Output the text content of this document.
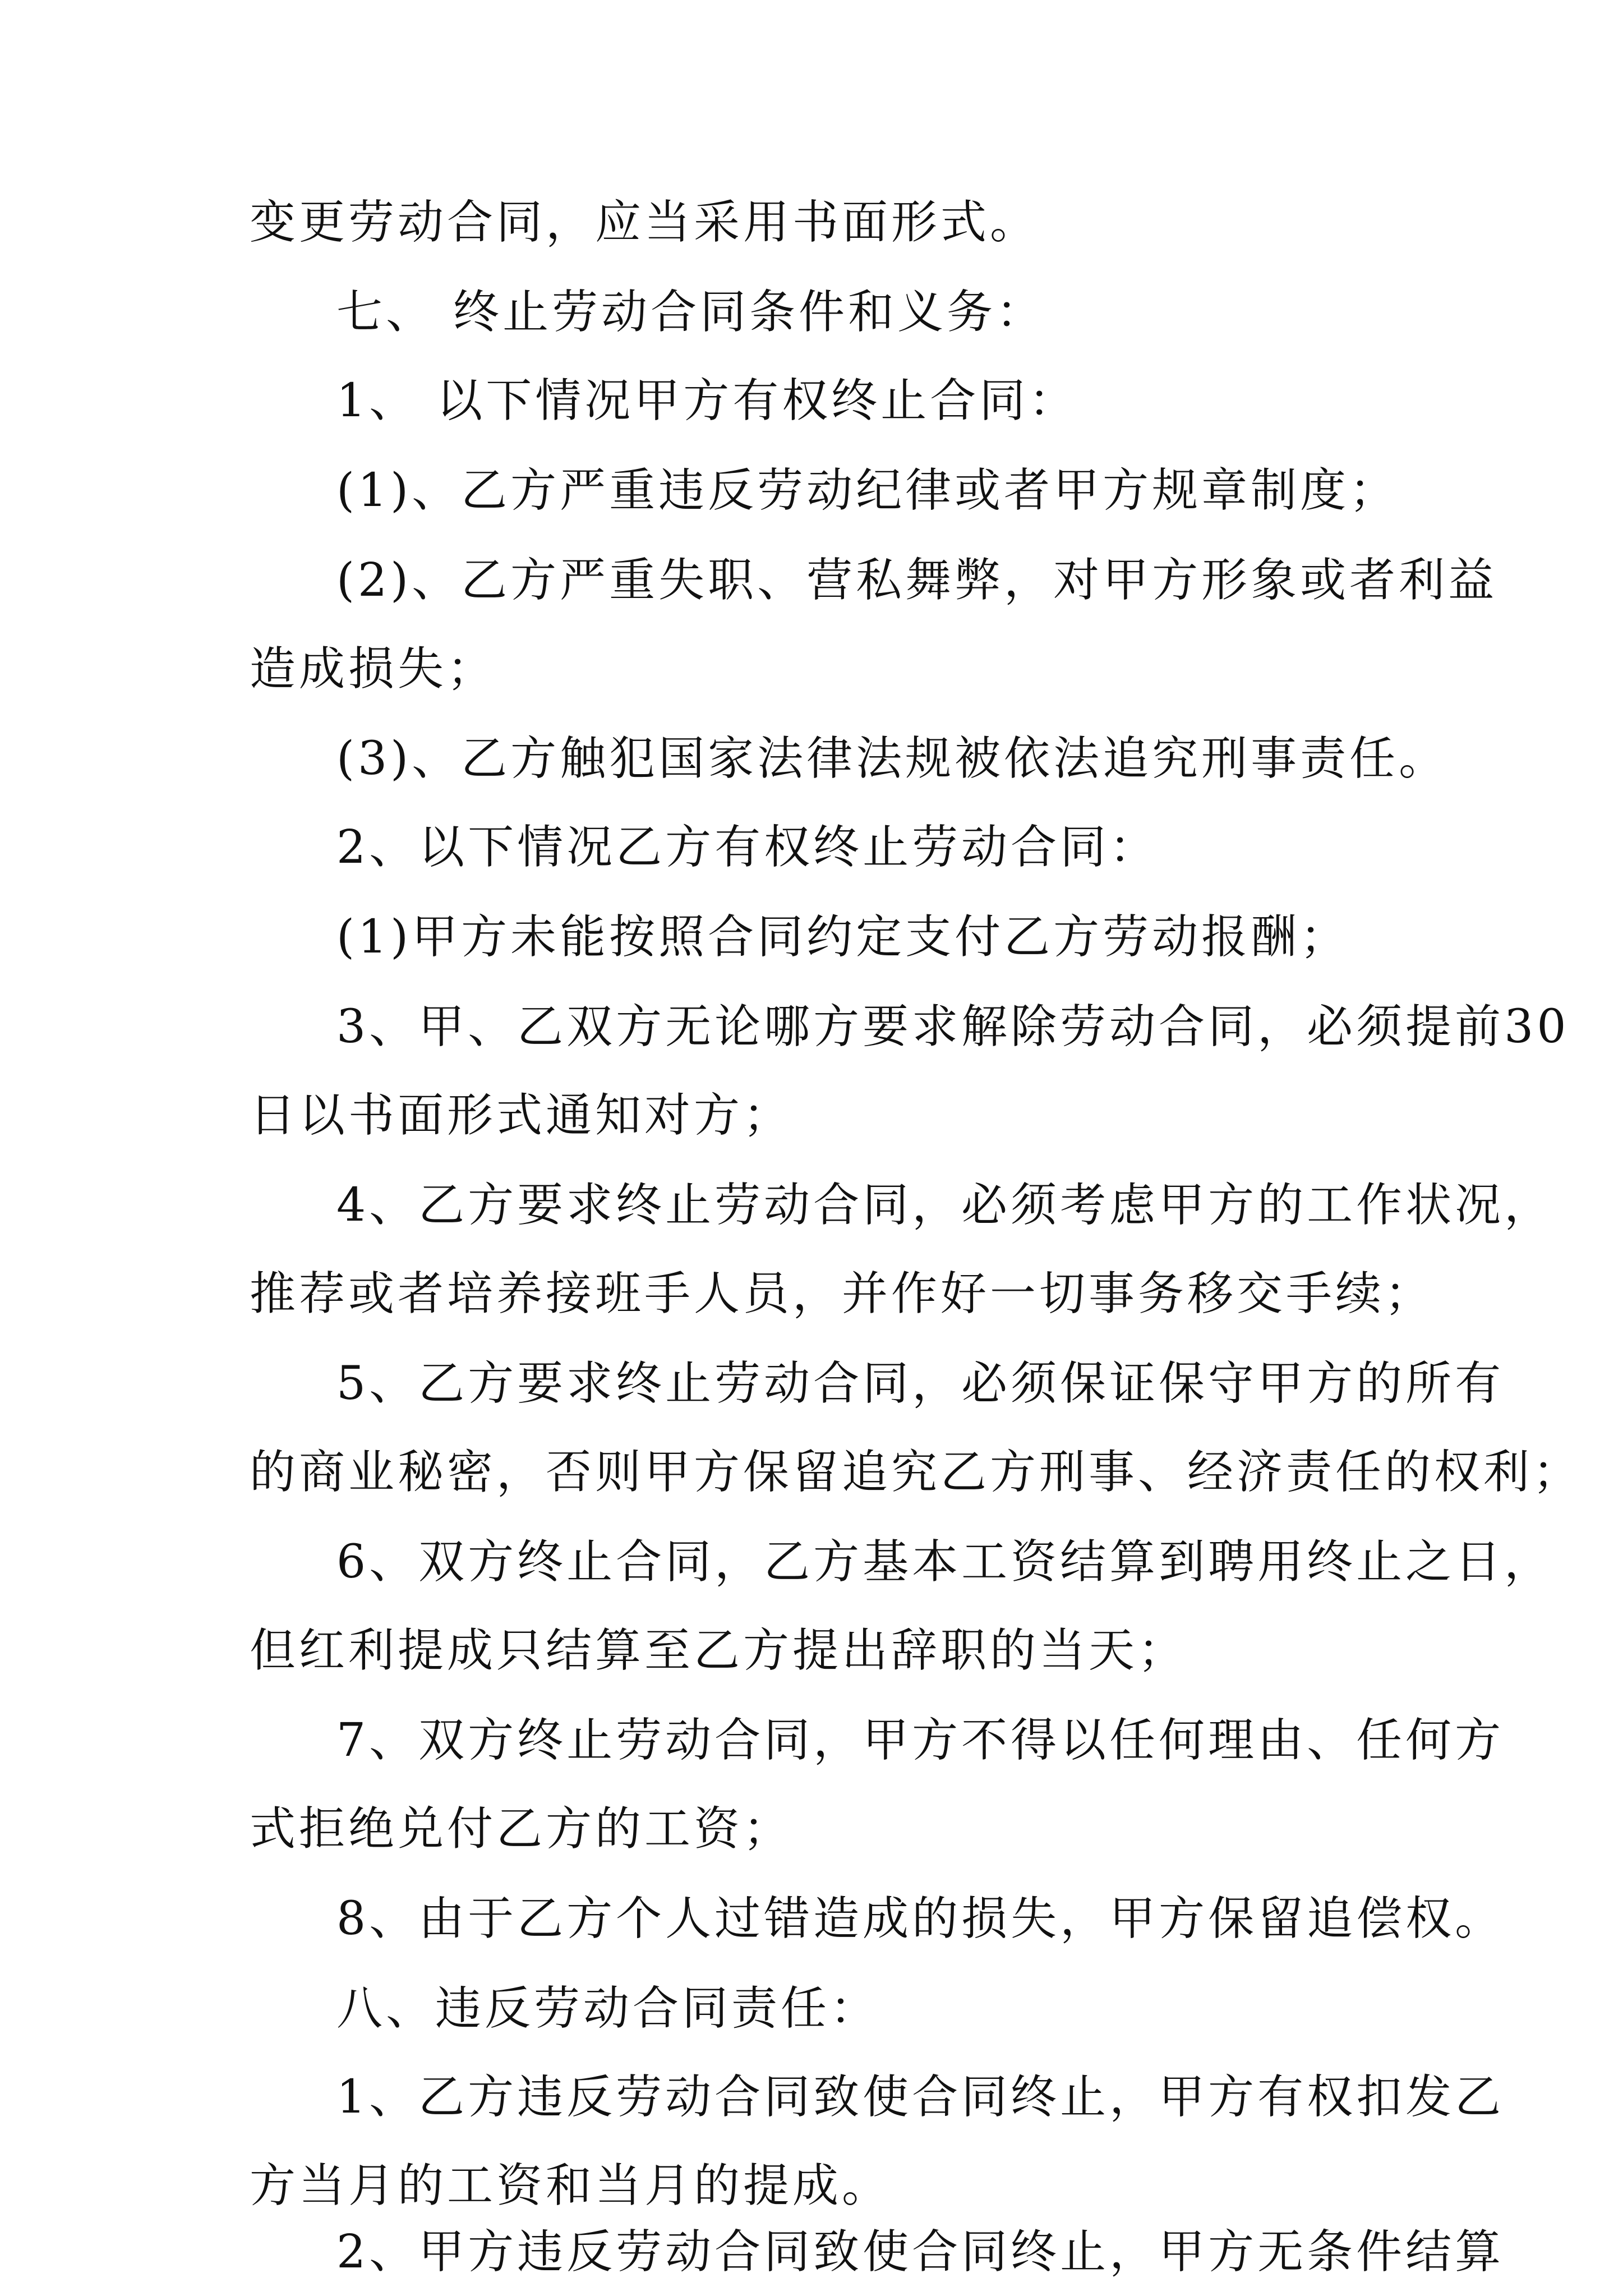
变更劳动合同，应当采用书面形式。
七、 终止劳动合同条件和义务：
1、 以下情况甲方有权终止合同：
(1)、乙方严重违反劳动纪律或者甲方规章制度；
(2)、乙方严重失职、营私舞弊，对甲方形象或者利益
造成损失；
(3)、乙方触犯国家法律法规被依法追究刑事责任。
2、以下情况乙方有权终止劳动合同：
(1)甲方未能按照合同约定支付乙方劳动报酬；
3、甲、乙双方无论哪方要求解除劳动合同，必须提前30
日以书面形式通知对方；
4、乙方要求终止劳动合同，必须考虑甲方的工作状况，
推荐或者培养接班手人员，并作好一切事务移交手续；
5、乙方要求终止劳动合同，必须保证保守甲方的所有
的商业秘密，否则甲方保留追究乙方刑事、经济责任的权利；
6、双方终止合同，乙方基本工资结算到聘用终止之日，
但红利提成只结算至乙方提出辞职的当天；
7、双方终止劳动合同，甲方不得以任何理由、任何方
式拒绝兑付乙方的工资；
8、由于乙方个人过错造成的损失，甲方保留追偿权。
八、违反劳动合同责任：
1、乙方违反劳动合同致使合同终止，甲方有权扣发乙
方当月的工资和当月的提成。
2、甲方违反劳动合同致使合同终止，甲方无条件结算
